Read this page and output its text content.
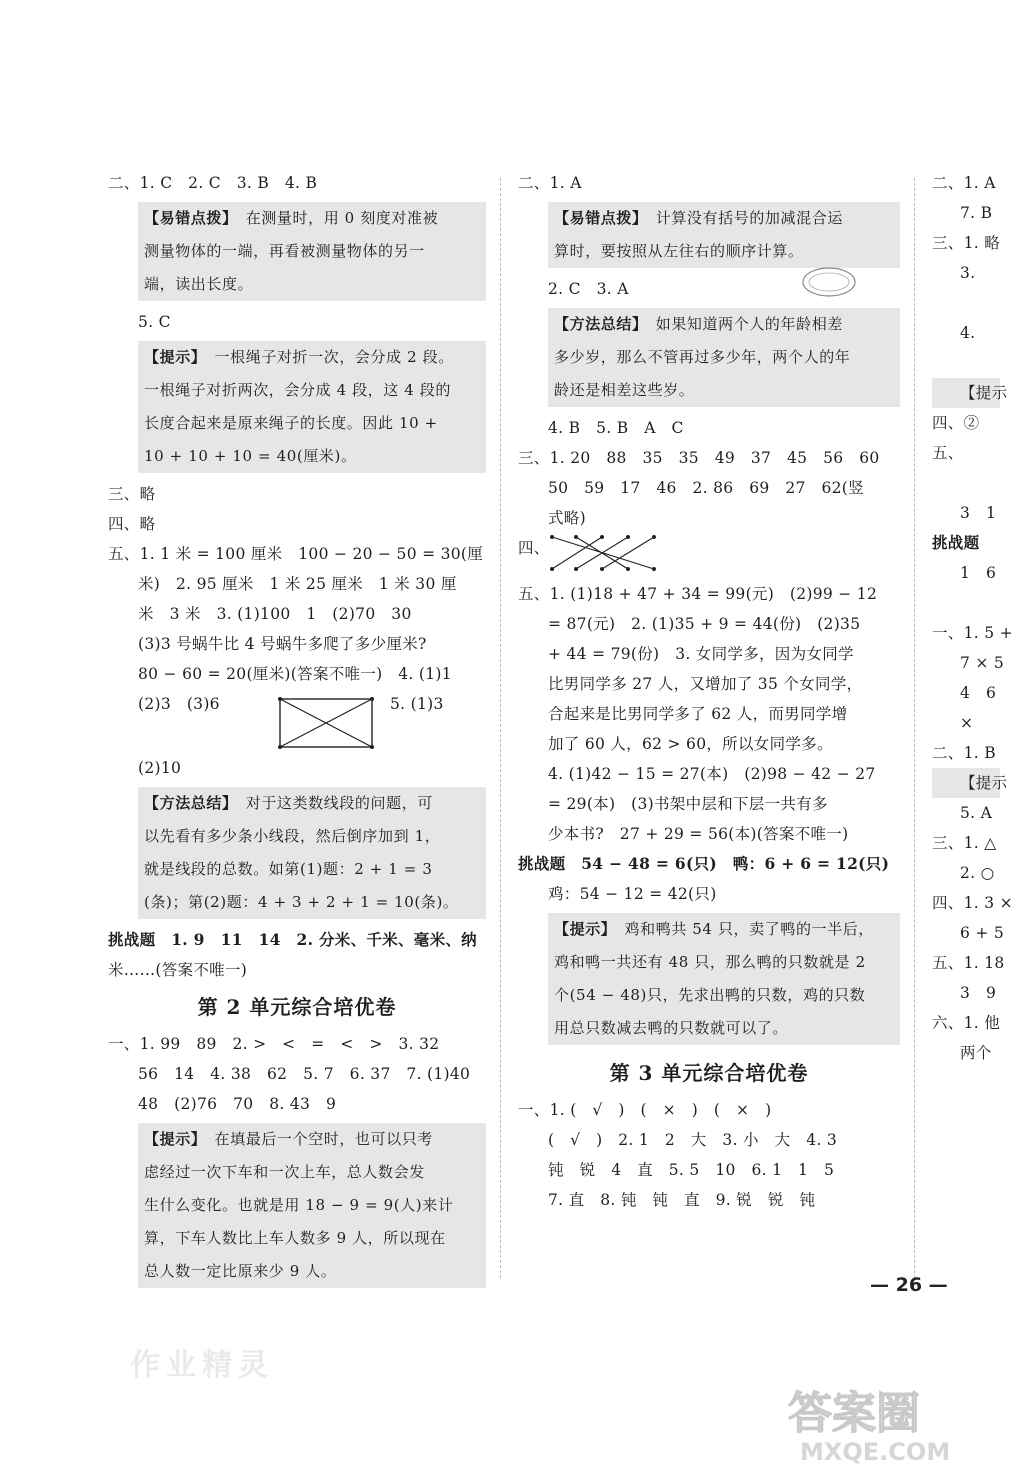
二、1. C　2. C　3. B　4. B
【易错点拨】　 在测量时，用 0 刻度对准被
测量物体的一端，再看被测量物体的另一
端，读出长度。
5. C
【提示】　 一根绳子对折一次，会分成 2 段。
一根绳子对折两次，会分成 4 段，这 4 段的
长度合起来是原来绳子的长度。因此 10 +
10 + 10 + 10 = 40(厘米)。
三、略
四、略
五、1. 1 米 = 100 厘米　100 − 20 − 50 = 30(厘
米)　2. 95 厘米　1 米 25 厘米　1 米 30 厘
米　3 米　3. (1)100　1　(2)70　30
(3)3 号蜗牛比 4 号蜗牛多爬了多少厘米?
80 − 60 = 20(厘米)(答案不唯一)　4. (1)1
(2)3　(3)6	5. (1)3
(2)10
【方法总结】　 对于这类数线段的问题，可
以先看有多少条小线段，然后倒序加到 1，
就是线段的总数。如第(1)题：2 + 1 = 3
(条)；第(2)题：4 + 3 + 2 + 1 = 10(条)。
挑战题　1. 9　11　14　2. 分米、千米、毫米、纳
米……(答案不唯一)
第 2 单元综合培优卷
一、1. 99　89　2. >　<　=　<　>　3. 32
56　14　4. 38　62　5. 7　6. 37　7. (1)40
48　(2)76　70　8. 43　9
【提示】　 在填最后一个空时，也可以只考
虑经过一次下车和一次上车，总人数会发
生什么变化。也就是用 18 − 9 = 9(人)来计
算，下车人数比上车人数多 9 人，所以现在
总人数一定比原来少 9 人。
二、1. A
【易错点拨】　 计算没有括号的加减混合运
算时，要按照从左往右的顺序计算。
2. C　3. A
【方法总结】　 如果知道两个人的年龄相差
多少岁，那么不管再过多少年，两个人的年
龄还是相差这些岁。
4. B　5. B　A　C
三、1. 20　88　35　35　49　37　45　56　60
50　59　17　46　2. 86　69　27　62(竖
式略)
四、
五、1. (1)18 + 47 + 34 = 99(元)　(2)99 − 12
= 87(元)　2. (1)35 + 9 = 44(份)　(2)35
+ 44 = 79(份)　3. 女同学多，因为女同学
比男同学多 27 人，又增加了 35 个女同学，
合起来是比男同学多了 62 人，而男同学增
加了 60 人，62 > 60，所以女同学多。
4. (1)42 − 15 = 27(本)　(2)98 − 42 − 27
= 29(本)　(3)书架中层和下层一共有多
少本书?　27 + 29 = 56(本)(答案不唯一)
挑战题　54 − 48 = 6(只)　鸭：6 + 6 = 12(只)
鸡：54 − 12 = 42(只)
【提示】　 鸡和鸭共 54 只，卖了鸭的一半后，
鸡和鸭一共还有 48 只，那么鸭的只数就是 2
个(54 − 48)只，先求出鸭的只数，鸡的只数
用总只数减去鸭的只数就可以了。
第 3 单元综合培优卷
一、1. (　√　)　(　×　)　(　×　)
(　√　)　2. 1　2　大　3. 小　大　4. 3
钝　锐　4　直　5. 5　10　6. 1　1　5
7. 直　8. 钝　钝　直　9. 锐　锐　钝
二、1. A
7. B
三、1. 略
3.
4.
【提示
四、②
五、
3　1
挑战题
1　6
一、1. 5 +
7 × 5
4　6
×
二、1. B
【提示
5. A
三、1. △
2. ○
四、1. 3 ×
6 + 5
五、1. 18
3　9
六、1. 他
两个
— 26 —
作业精灵
答案圈
MXQE.COM
